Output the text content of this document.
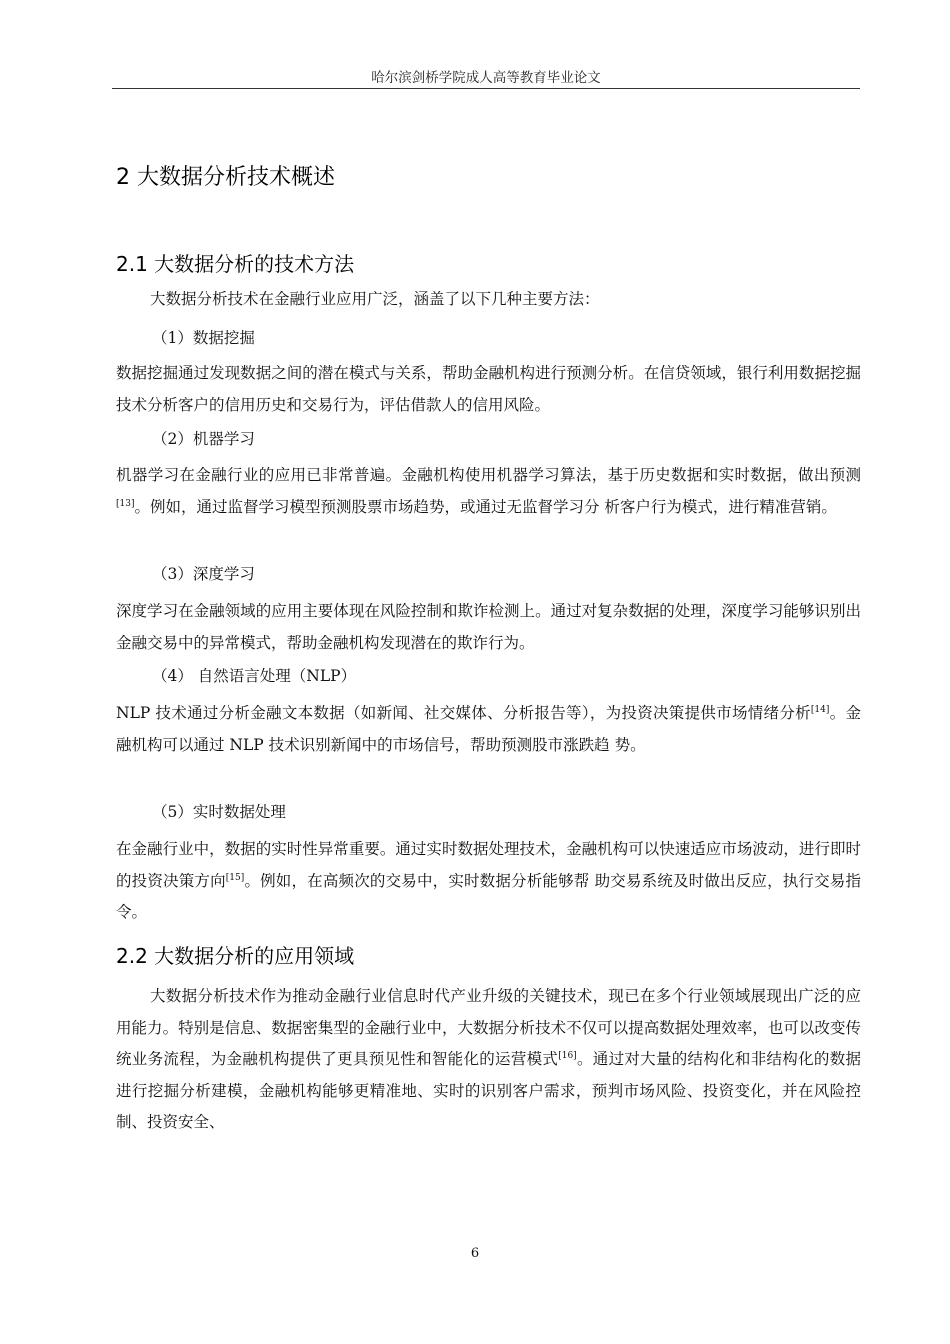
哈尔滨剑桥学院成人高等教育毕业论文
2 大数据分析技术概述
2.1 大数据分析的技术方法
大数据分析技术在金融行业应用广泛，涵盖了以下几种主要方法：
（1）数据挖掘
数据挖掘通过发现数据之间的潜在模式与关系，帮助金融机构进行预测分析。在信贷领域，银行利用数据挖掘技术分析客户的信用历史和交易行为，评估借款人的信用风险。
（2）机器学习
机器学习在金融行业的应用已非常普遍。金融机构使用机器学习算法，基于历史数据和实时数据，做出预测[13]。例如，通过监督学习模型预测股票市场趋势，或通过无监督学习分 析客户行为模式，进行精准营销。
（3）深度学习
深度学习在金融领域的应用主要体现在风险控制和欺诈检测上。通过对复杂数据的处理，深度学习能够识别出金融交易中的异常模式，帮助金融机构发现潜在的欺诈行为。
（4） 自然语言处理（NLP）
NLP 技术通过分析金融文本数据（如新闻、社交媒体、分析报告等），为投资决策提供市场情绪分析[14]。金融机构可以通过 NLP 技术识别新闻中的市场信号，帮助预测股市涨跌趋 势。
（5）实时数据处理
在金融行业中，数据的实时性异常重要。通过实时数据处理技术，金融机构可以快速适应市场波动，进行即时的投资决策方向[15]。例如，在高频次的交易中，实时数据分析能够帮 助交易系统及时做出反应，执行交易指令。
2.2 大数据分析的应用领域
大数据分析技术作为推动金融行业信息时代产业升级的关键技术，现已在多个行业领域展现出广泛的应用能力。特别是信息、数据密集型的金融行业中，大数据分析技术不仅可以提高数据处理效率，也可以改变传统业务流程，为金融机构提供了更具预见性和智能化的运营模式[16]。通过对大量的结构化和非结构化的数据进行挖掘分析建模，金融机构能够更精准地、实时的识别客户需求，预判市场风险、投资变化，并在风险控制、投资安全、
6
